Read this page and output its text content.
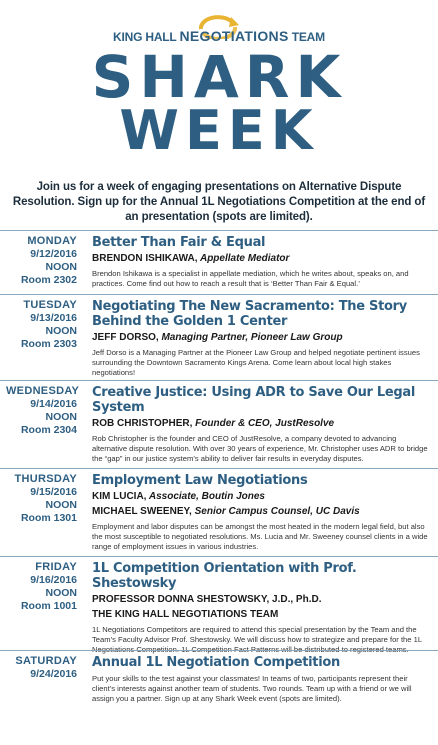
KING HALL NEGOTIATIONS TEAM
SHARK
WEEK
Join us for a week of engaging presentations on Alternative Dispute Resolution. Sign up for the Annual 1L Negotiations Competition at the end of an presentation (spots are limited).
MONDAY
9/12/2016
NOON
Room 2302
Better Than Fair & Equal
BRENDON ISHIKAWA, Appellate Mediator
Brendon Ishikawa is a specialist in appellate mediation, which he writes about, speaks on, and practices. Come find out how to reach a result that is ‘Better Than Fair & Equal.’
TUESDAY
9/13/2016
NOON
Room 2303
Negotiating The New Sacramento: The Story Behind the Golden 1 Center
JEFF DORSO, Managing Partner, Pioneer Law Group
Jeff Dorso is a Managing Partner at the Pioneer Law Group and helped negotiate pertinent issues surrounding the Downtown Sacramento Kings Arena. Come learn about local high stakes negotiations!
WEDNESDAY
9/14/2016
NOON
Room 2304
Creative Justice: Using ADR to Save Our Legal System
ROB CHRISTOPHER, Founder & CEO, JustResolve
Rob Christopher is the founder and CEO of JustResolve, a company devoted to advancing alternative dispute resolution. With over 30 years of experience, Mr. Christopher uses ADR to bridge the “gap” in our justice system’s ability to deliver fair results in everyday disputes.
THURSDAY
9/15/2016
NOON
Room 1301
Employment Law Negotiations
KIM LUCIA, Associate, Boutin Jones
MICHAEL SWEENEY, Senior Campus Counsel, UC Davis
Employment and labor disputes can be amongst the most heated in the modern legal field, but also the most susceptible to negotiated resolutions. Ms. Lucia and Mr. Sweeney counsel clients in a wide range of employment issues in various industries.
FRIDAY
9/16/2016
NOON
Room 1001
1L Competition Orientation with Prof. Shestowsky
PROFESSOR DONNA SHESTOWSKY, J.D., Ph.D.
THE KING HALL NEGOTIATIONS TEAM
1L Negotiations Competitors are required to attend this special presentation by the Team and the Team’s Faculty Advisor Prof. Shestowsky. We will discuss how to strategize and prepare for the 1L Negotiations Competition. 1L Competition Fact Patterns will be distributed to registered teams.
SATURDAY
9/24/2016
Annual 1L Negotiation Competition
Put your skills to the test against your classmates! In teams of two, participants represent their client’s interests against another team of students. Two rounds. Team up with a friend or we will assign you a partner. Sign up at any Shark Week event (spots are limited).
